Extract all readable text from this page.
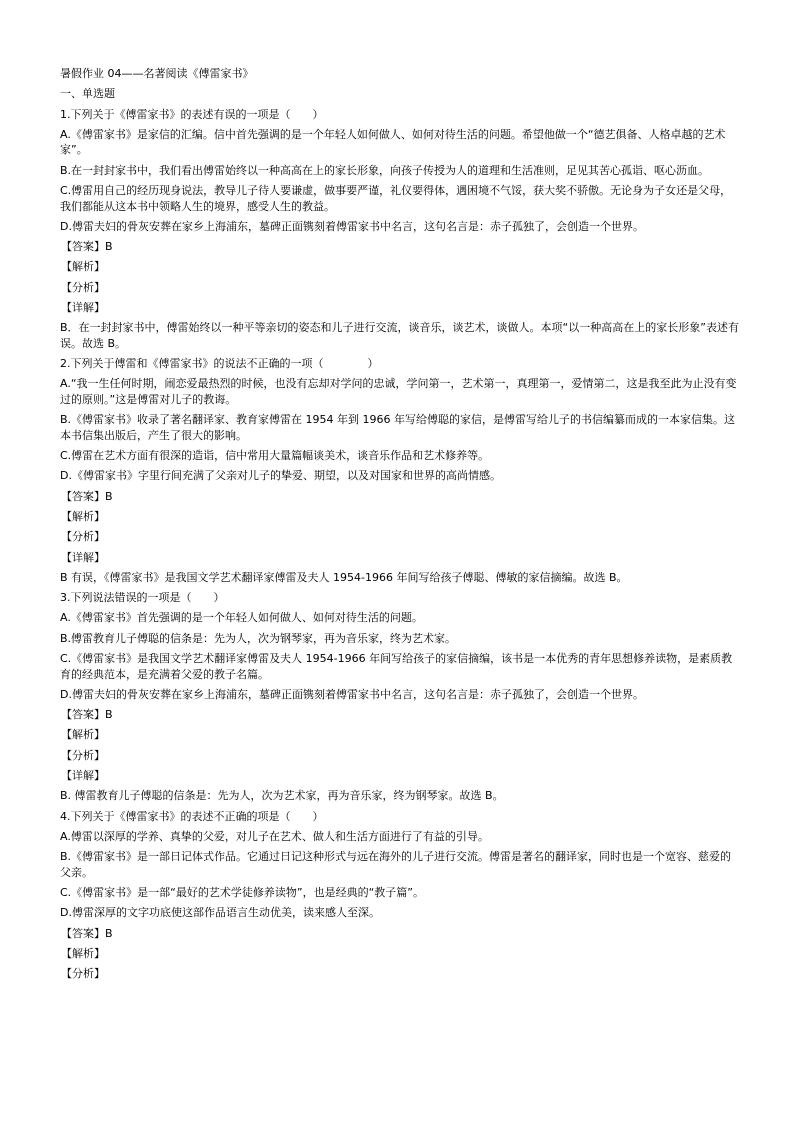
暑假作业 04——名著阅读《傅雷家书》

一、单选题

1.下列关于《傅雷家书》的表述有误的一项是（　　）

A.《傅雷家书》是家信的汇编。信中首先强调的是一个年轻人如何做人、如何对待生活的问题。希望他做一个“德艺俱备、人格卓越的艺术家”。

B.在一封封家书中，我们看出傅雷始终以一种高高在上的家长形象，向孩子传授为人的道理和生活准则，足见其苦心孤诣、呕心沥血。

C.傅雷用自己的经历现身说法，教导儿子待人要谦虚，做事要严谨，礼仪要得体，遇困境不气馁，获大奖不骄傲。无论身为子女还是父母，我们都能从这本书中领略人生的境界，感受人生的教益。

D.傅雷夫妇的骨灰安葬在家乡上海浦东，墓碑正面镌刻着傅雷家书中名言，这句名言是：赤子孤独了，会创造一个世界。

【答案】B

【解析】

【分析】

【详解】

B．在一封封家书中，傅雷始终以一种平等亲切的姿态和儿子进行交流，谈音乐，谈艺术，谈做人。本项“以一种高高在上的家长形象”表述有误。故选 B。

2.下列关于傅雷和《傅雷家书》的说法不正确的一项（　　　　）

A.“我一生任何时期，闹恋爱最热烈的时候，也没有忘却对学问的忠诚，学问第一，艺术第一，真理第一，爱情第二，这是我至此为止没有变过的原则。”这是傅雷对儿子的教诲。

B.《傅雷家书》收录了著名翻译家、教育家傅雷在 1954 年到 1966 年写给傅聪的家信，是傅雷写给儿子的书信编纂而成的一本家信集。这本书信集出版后，产生了很大的影响。

C.傅雷在艺术方面有很深的造诣，信中常用大量篇幅谈美术，谈音乐作品和艺术修养等。

D.《傅雷家书》字里行间充满了父亲对儿子的挚爱、期望，以及对国家和世界的高尚情感。

【答案】B

【解析】

【分析】

【详解】

B 有误，《傅雷家书》是我国文学艺术翻译家傅雷及夫人 1954-1966 年间写给孩子傅聪、傅敏的家信摘编。故选 B。

3.下列说法错误的一项是（　　）

A.《傅雷家书》首先强调的是一个年轻人如何做人、如何对待生活的问题。

B.傅雷教育儿子傅聪的信条是：先为人，次为钢琴家，再为音乐家，终为艺术家。

C.《傅雷家书》是我国文学艺术翻译家傅雷及夫人 1954-1966 年间写给孩子的家信摘编，该书是一本优秀的青年思想修养读物，是素质教育的经典范本，是充满着父爱的教子名篇。

D.傅雷夫妇的骨灰安葬在家乡上海浦东，墓碑正面镌刻着傅雷家书中名言，这句名言是：赤子孤独了，会创造一个世界。

【答案】B

【解析】

【分析】

【详解】

B. 傅雷教育儿子傅聪的信条是：先为人，次为艺术家，再为音乐家，终为钢琴家。故选 B。

4.下列关于《傅雷家书》的表述不正确的项是（　　）

A.傅雷以深厚的学养、真挚的父爱，对儿子在艺术、做人和生活方面进行了有益的引导。

B.《傅雷家书》是一部日记体式作品。它通过日记这种形式与远在海外的儿子进行交流。傅雷是著名的翻译家，同时也是一个宽容、慈爱的父亲。

C.《傅雷家书》是一部“最好的艺术学徒修养读物”，也是经典的“教子篇”。

D.傅雷深厚的文字功底使这部作品语言生动优美，读来感人至深。

【答案】B

【解析】

【分析】
